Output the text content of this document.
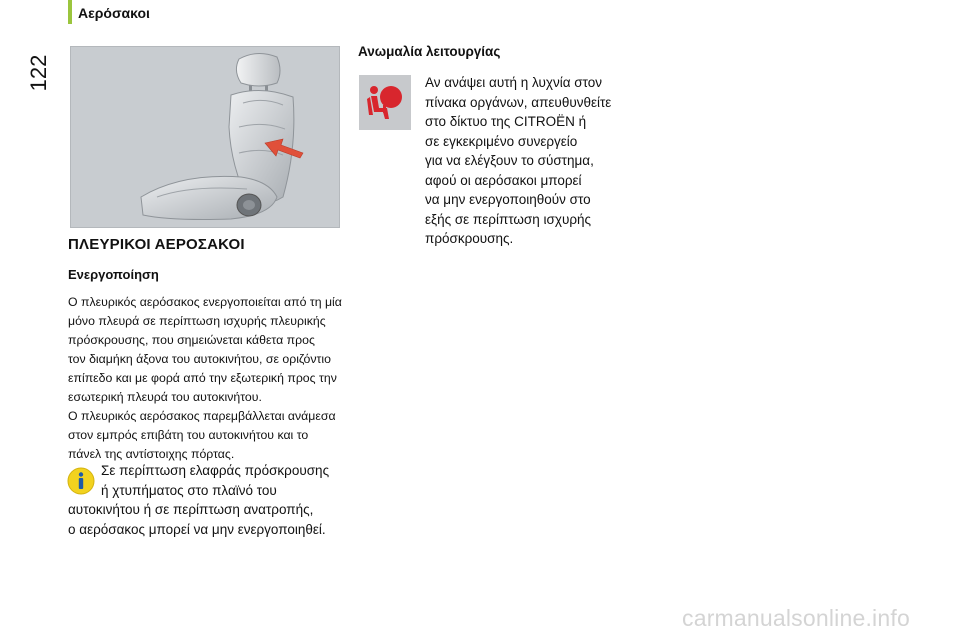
Αερόσακοι
122
ΠΛΕΥΡΙΚΟΙ ΑΕΡΟΣΑΚΟΙ
Ενεργοποίηση
Ο πλευρικός αερόσακος ενεργοποιείται από τη μία
μόνο πλευρά σε περίπτωση ισχυρής πλευρικής
πρόσκρουσης, που σημειώνεται κάθετα προς
τον διαμήκη άξονα του αυτοκινήτου, σε οριζόντιο
επίπεδο και με φορά από την εξωτερική προς την
εσωτερική πλευρά του αυτοκινήτου.
Ο πλευρικός αερόσακος παρεμβάλλεται ανάμεσα
στον εμπρός επιβάτη του αυτοκινήτου και το
πάνελ της αντίστοιχης πόρτας.
Σε περίπτωση ελαφράς πρόσκρουσης
ή χτυπήματος στο πλαϊνό του
αυτοκινήτου ή σε περίπτωση ανατροπής,
ο αερόσακος μπορεί να μην ενεργοποιηθεί.
Ανωμαλία λειτουργίας
Αν ανάψει αυτή η λυχνία στον
πίνακα οργάνων, απευθυνθείτε
στο δίκτυο της CITROËN ή
σε εγκεκριμένο συνεργείο
για να ελέγξουν το σύστημα,
αφού οι αερόσακοι μπορεί
να μην ενεργοποιηθούν στο
εξής σε περίπτωση ισχυρής
πρόσκρουσης.
carmanualsonline.info
